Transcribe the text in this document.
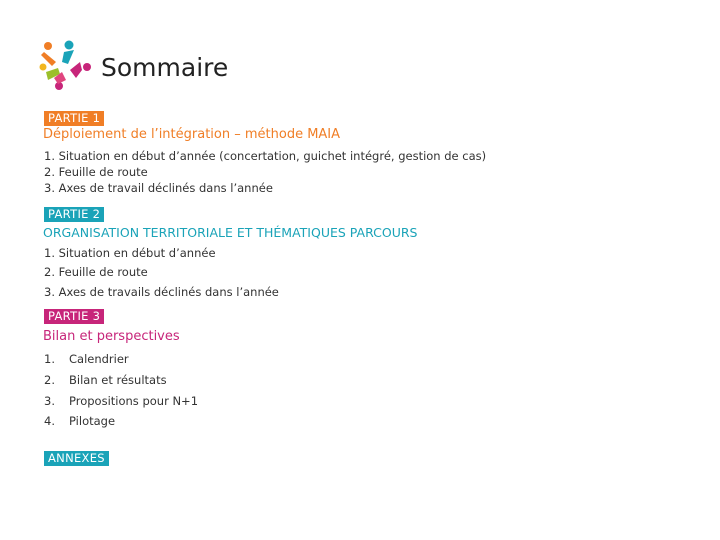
Sommaire
PARTIE 1
Déploiement de l’intégration – méthode MAIA
1. Situation en début d’année (concertation, guichet intégré, gestion de cas)
2. Feuille de route
3. Axes de travail déclinés dans l’année
PARTIE 2
ORGANISATION TERRITORIALE ET THÉMATIQUES PARCOURS
1. Situation en début d’année
2. Feuille de route
3. Axes de travails déclinés dans l’année
PARTIE 3
Bilan et perspectives
1. Calendrier
2. Bilan et résultats
3. Propositions pour N+1
4. Pilotage
ANNEXES
